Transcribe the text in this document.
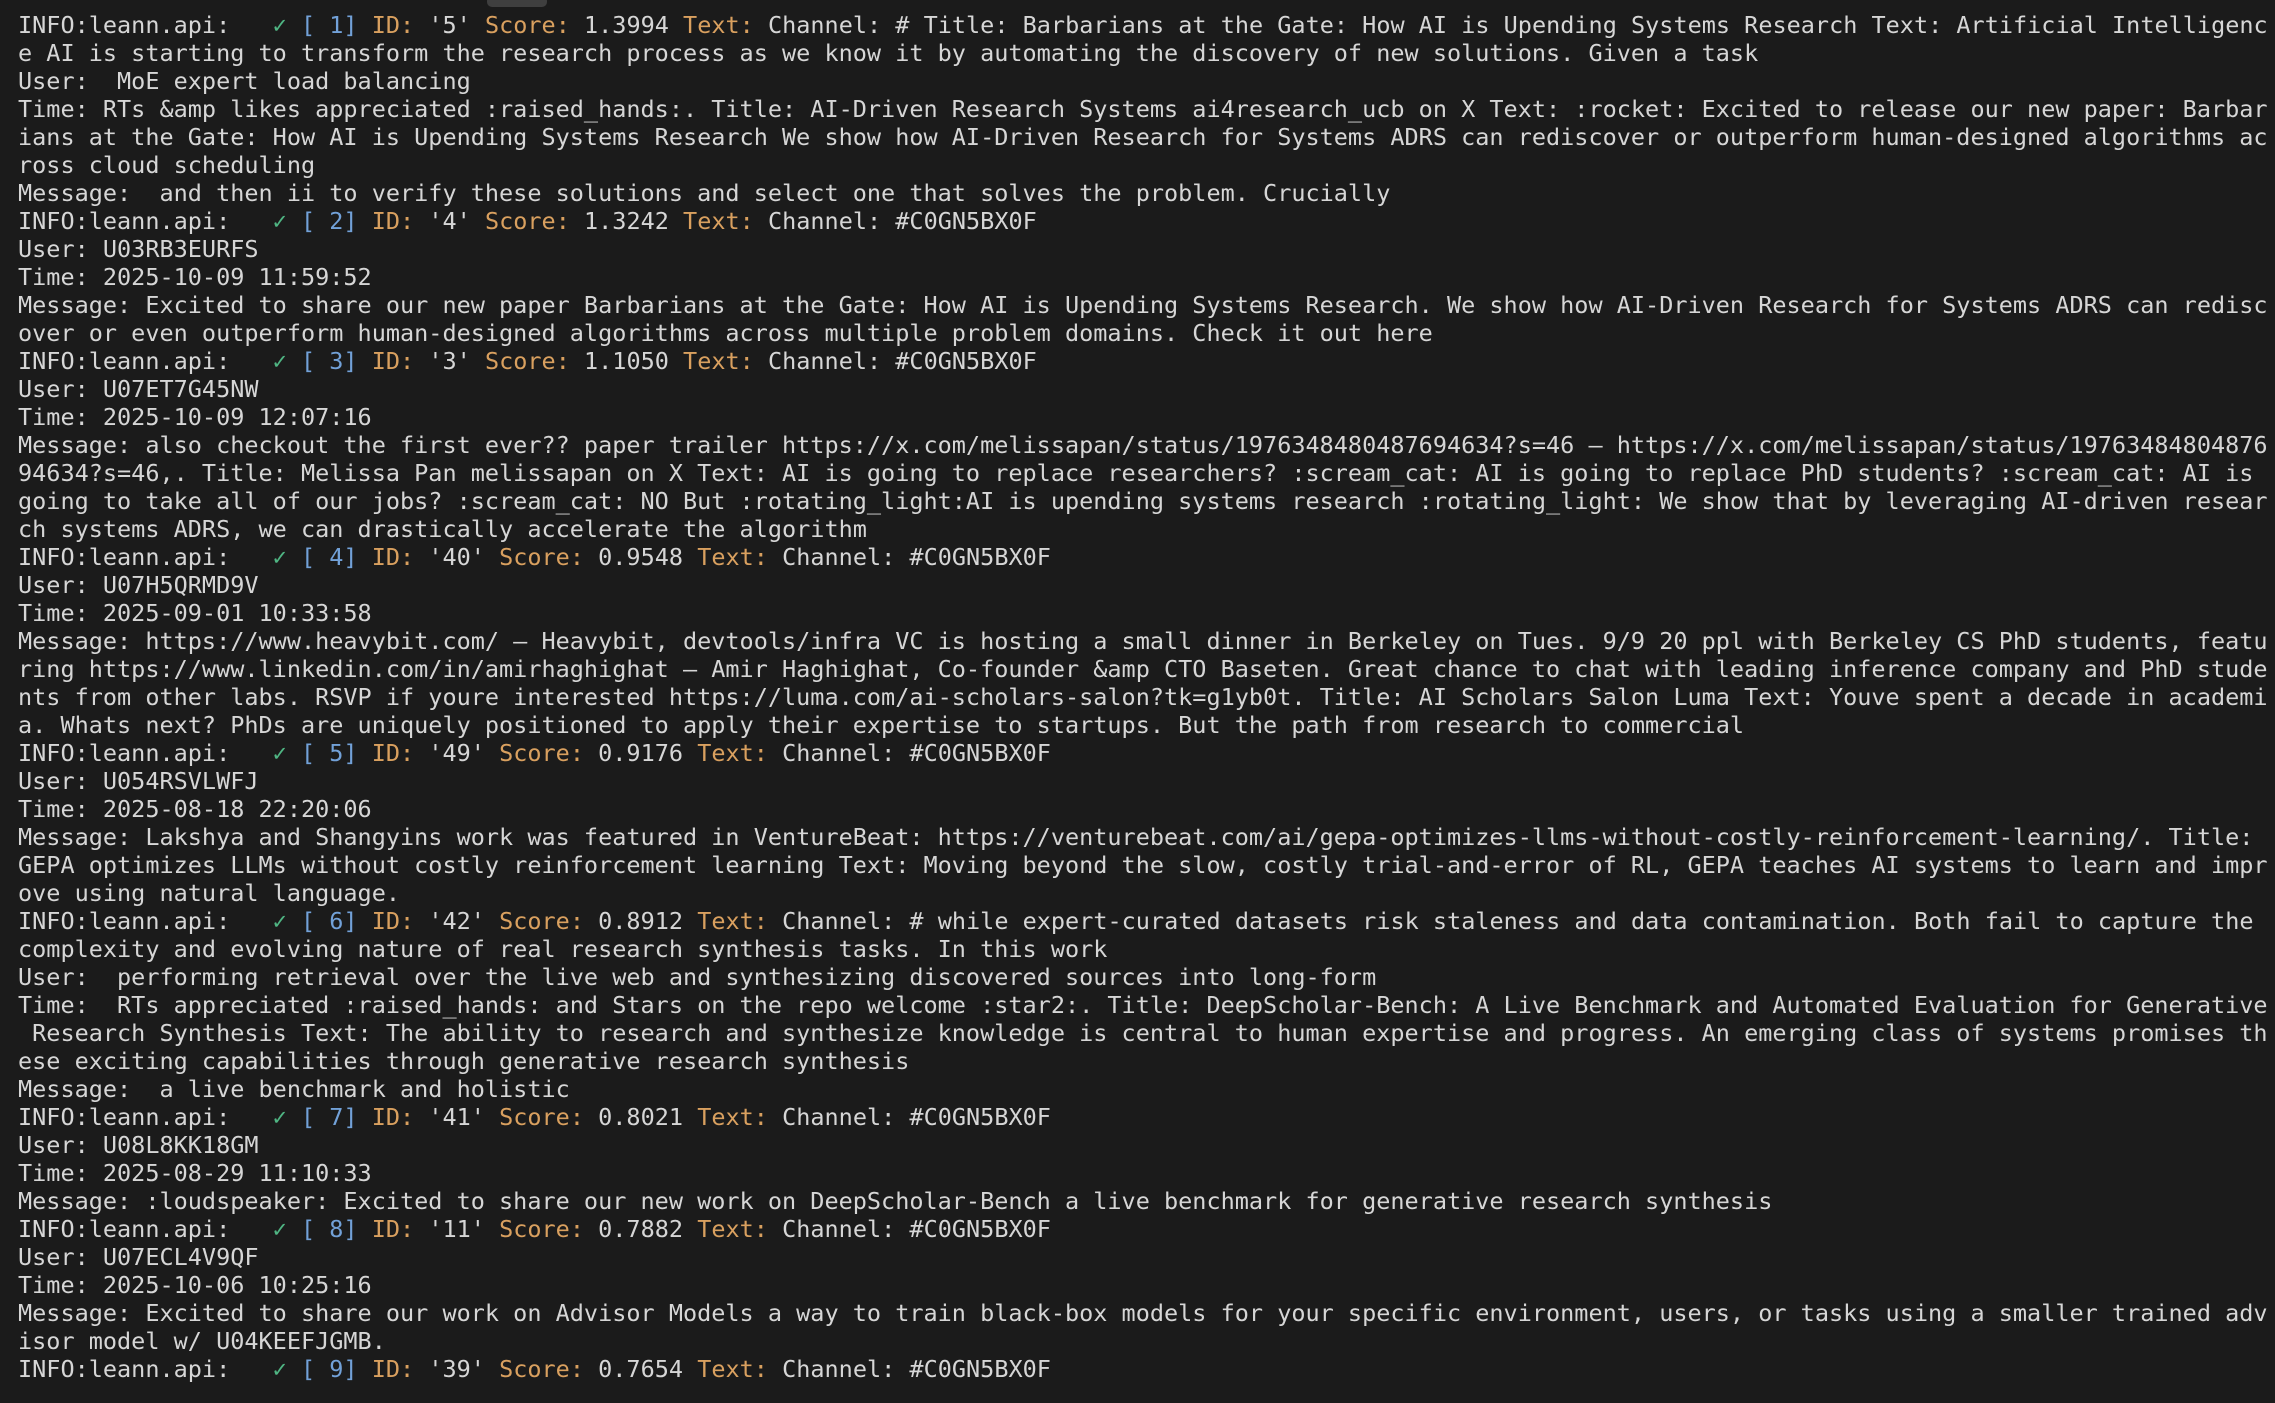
INFO:leann.api:   ✓ [ 1] ID: '5' Score: 1.3994 Text: Channel: # Title: Barbarians at the Gate: How AI is Upending Systems Research Text: Artificial Intelligenc
e AI is starting to transform the research process as we know it by automating the discovery of new solutions. Given a task
User:  MoE expert load balancing
Time: RTs &amp likes appreciated :raised_hands:. Title: AI-Driven Research Systems ai4research_ucb on X Text: :rocket: Excited to release our new paper: Barbar
ians at the Gate: How AI is Upending Systems Research We show how AI-Driven Research for Systems ADRS can rediscover or outperform human-designed algorithms ac
ross cloud scheduling
Message:  and then ii to verify these solutions and select one that solves the problem. Crucially
INFO:leann.api:   ✓ [ 2] ID: '4' Score: 1.3242 Text: Channel: #C0GN5BX0F
User: U03RB3EURFS
Time: 2025-10-09 11:59:52
Message: Excited to share our new paper Barbarians at the Gate: How AI is Upending Systems Research. We show how AI-Driven Research for Systems ADRS can redisc
over or even outperform human-designed algorithms across multiple problem domains. Check it out here
INFO:leann.api:   ✓ [ 3] ID: '3' Score: 1.1050 Text: Channel: #C0GN5BX0F
User: U07ET7G45NW
Time: 2025-10-09 12:07:16
Message: also checkout the first ever?? paper trailer https://x.com/melissapan/status/1976348480487694634?s=46 — https://x.com/melissapan/status/19763484804876
94634?s=46,. Title: Melissa Pan melissapan on X Text: AI is going to replace researchers? :scream_cat: AI is going to replace PhD students? :scream_cat: AI is
going to take all of our jobs? :scream_cat: NO But :rotating_light:AI is upending systems research :rotating_light: We show that by leveraging AI-driven resear
ch systems ADRS, we can drastically accelerate the algorithm
INFO:leann.api:   ✓ [ 4] ID: '40' Score: 0.9548 Text: Channel: #C0GN5BX0F
User: U07H5QRMD9V
Time: 2025-09-01 10:33:58
Message: https://www.heavybit.com/ — Heavybit, devtools/infra VC is hosting a small dinner in Berkeley on Tues. 9/9 20 ppl with Berkeley CS PhD students, featu
ring https://www.linkedin.com/in/amirhaghighat — Amir Haghighat, Co-founder &amp CTO Baseten. Great chance to chat with leading inference company and PhD stude
nts from other labs. RSVP if youre interested https://luma.com/ai-scholars-salon?tk=g1yb0t. Title: AI Scholars Salon Luma Text: Youve spent a decade in academi
a. Whats next? PhDs are uniquely positioned to apply their expertise to startups. But the path from research to commercial
INFO:leann.api:   ✓ [ 5] ID: '49' Score: 0.9176 Text: Channel: #C0GN5BX0F
User: U054RSVLWFJ
Time: 2025-08-18 22:20:06
Message: Lakshya and Shangyins work was featured in VentureBeat: https://venturebeat.com/ai/gepa-optimizes-llms-without-costly-reinforcement-learning/. Title:
GEPA optimizes LLMs without costly reinforcement learning Text: Moving beyond the slow, costly trial-and-error of RL, GEPA teaches AI systems to learn and impr
ove using natural language.
INFO:leann.api:   ✓ [ 6] ID: '42' Score: 0.8912 Text: Channel: # while expert-curated datasets risk staleness and data contamination. Both fail to capture the
complexity and evolving nature of real research synthesis tasks. In this work
User:  performing retrieval over the live web and synthesizing discovered sources into long-form
Time:  RTs appreciated :raised_hands: and Stars on the repo welcome :star2:. Title: DeepScholar-Bench: A Live Benchmark and Automated Evaluation for Generative
Research Synthesis Text: The ability to research and synthesize knowledge is central to human expertise and progress. An emerging class of systems promises th
ese exciting capabilities through generative research synthesis
Message:  a live benchmark and holistic
INFO:leann.api:   ✓ [ 7] ID: '41' Score: 0.8021 Text: Channel: #C0GN5BX0F
User: U08L8KK18GM
Time: 2025-08-29 11:10:33
Message: :loudspeaker: Excited to share our new work on DeepScholar-Bench a live benchmark for generative research synthesis
INFO:leann.api:   ✓ [ 8] ID: '11' Score: 0.7882 Text: Channel: #C0GN5BX0F
User: U07ECL4V9QF
Time: 2025-10-06 10:25:16
Message: Excited to share our work on Advisor Models a way to train black-box models for your specific environment, users, or tasks using a smaller trained adv
isor model w/ U04KEEFJGMB.
INFO:leann.api:   ✓ [ 9] ID: '39' Score: 0.7654 Text: Channel: #C0GN5BX0F
